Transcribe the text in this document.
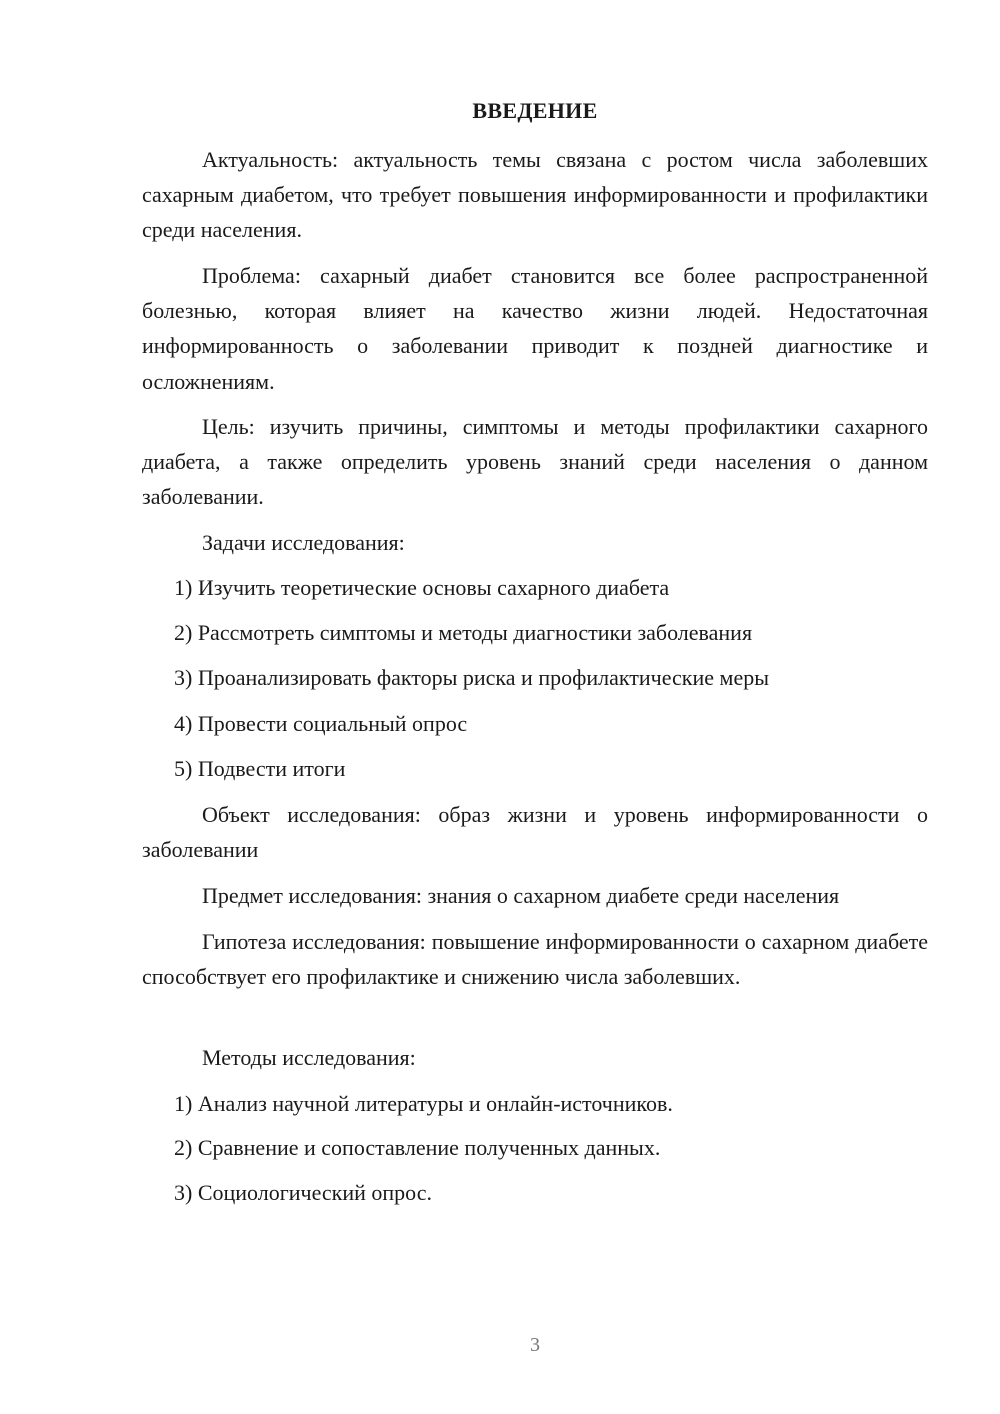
ВВЕДЕНИЕ

Актуальность: актуальность темы связана с ростом числа заболевших сахарным диабетом, что требует повышения информированности и профилактики среди населения.

Проблема: сахарный диабет становится все более распространенной болезнью, которая влияет на качество жизни людей. Недостаточная информированность о заболевании приводит к поздней диагностике и осложнениям.

Цель: изучить причины, симптомы и методы профилактики сахарного диабета, а также определить уровень знаний среди населения о данном заболевании.

Задачи исследования:

1) Изучить теоретические основы сахарного диабета

2) Рассмотреть симптомы и методы диагностики заболевания

3) Проанализировать факторы риска и профилактические меры

4) Провести социальный опрос

5) Подвести итоги

Объект исследования: образ жизни и уровень информированности о заболевании

Предмет исследования: знания о сахарном диабете среди населения

Гипотеза исследования: повышение информированности о сахарном диабете способствует его профилактике и снижению числа заболевших.

Методы исследования:

1) Анализ научной литературы и онлайн-источников.

2) Сравнение и сопоставление полученных данных.

3) Социологический опрос.

3
